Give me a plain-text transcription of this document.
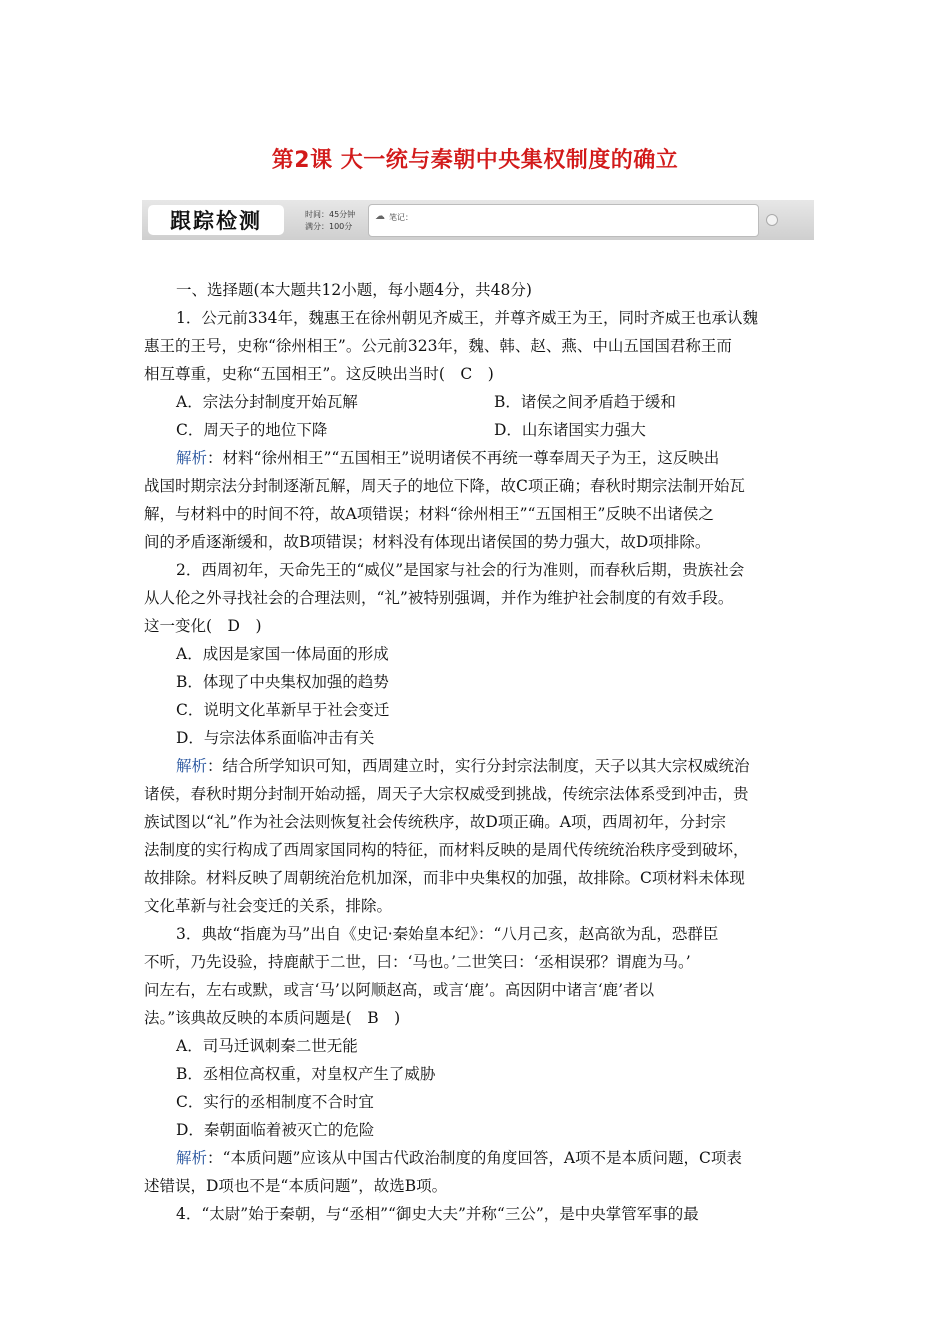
第2课 大一统与秦朝中央集权制度的确立
跟踪检测	时间：45分钟
满分：100分
☁ 笔记：
一、选择题(本大题共12小题，每小题4分，共48分)
1．公元前334年，魏惠王在徐州朝见齐威王，并尊齐威王为王，同时齐威王也承认魏
惠王的王号，史称“徐州相王”。公元前323年，魏、韩、赵、燕、中山五国国君称王而
相互尊重，史称“五国相王”。这反映出当时(　C　)
A．宗法分封制度开始瓦解	B．诸侯之间矛盾趋于缓和
C．周天子的地位下降	D．山东诸国实力强大
解析：材料“徐州相王”“五国相王”说明诸侯不再统一尊奉周天子为王，这反映出
战国时期宗法分封制逐渐瓦解，周天子的地位下降，故C项正确；春秋时期宗法制开始瓦
解，与材料中的时间不符，故A项错误；材料“徐州相王”“五国相王”反映不出诸侯之
间的矛盾逐渐缓和，故B项错误；材料没有体现出诸侯国的势力强大，故D项排除。
2．西周初年，天命先王的“威仪”是国家与社会的行为准则，而春秋后期，贵族社会
从人伦之外寻找社会的合理法则，“礼”被特别强调，并作为维护社会制度的有效手段。
这一变化(　D　)
A．成因是家国一体局面的形成
B．体现了中央集权加强的趋势
C．说明文化革新早于社会变迁
D．与宗法体系面临冲击有关
解析：结合所学知识可知，西周建立时，实行分封宗法制度，天子以其大宗权威统治
诸侯，春秋时期分封制开始动摇，周天子大宗权威受到挑战，传统宗法体系受到冲击，贵
族试图以“礼”作为社会法则恢复社会传统秩序，故D项正确。A项，西周初年，分封宗
法制度的实行构成了西周家国同构的特征，而材料反映的是周代传统统治秩序受到破坏，
故排除。材料反映了周朝统治危机加深，而非中央集权的加强，故排除。C项材料未体现
文化革新与社会变迁的关系，排除。
3．典故“指鹿为马”出自《史记·秦始皇本纪》：“八月己亥，赵高欲为乱，恐群臣
不听，乃先设验，持鹿献于二世，曰：‘马也。’二世笑曰：‘丞相误邪？谓鹿为马。’
问左右，左右或默，或言‘马’以阿顺赵高，或言‘鹿’。高因阴中诸言‘鹿’者以
法。”该典故反映的本质问题是(　B　)
A．司马迁讽刺秦二世无能
B．丞相位高权重，对皇权产生了威胁
C．实行的丞相制度不合时宜
D．秦朝面临着被灭亡的危险
解析：“本质问题”应该从中国古代政治制度的角度回答，A项不是本质问题，C项表
述错误，D项也不是“本质问题”，故选B项。
4．“太尉”始于秦朝，与“丞相”“御史大夫”并称“三公”，是中央掌管军事的最
